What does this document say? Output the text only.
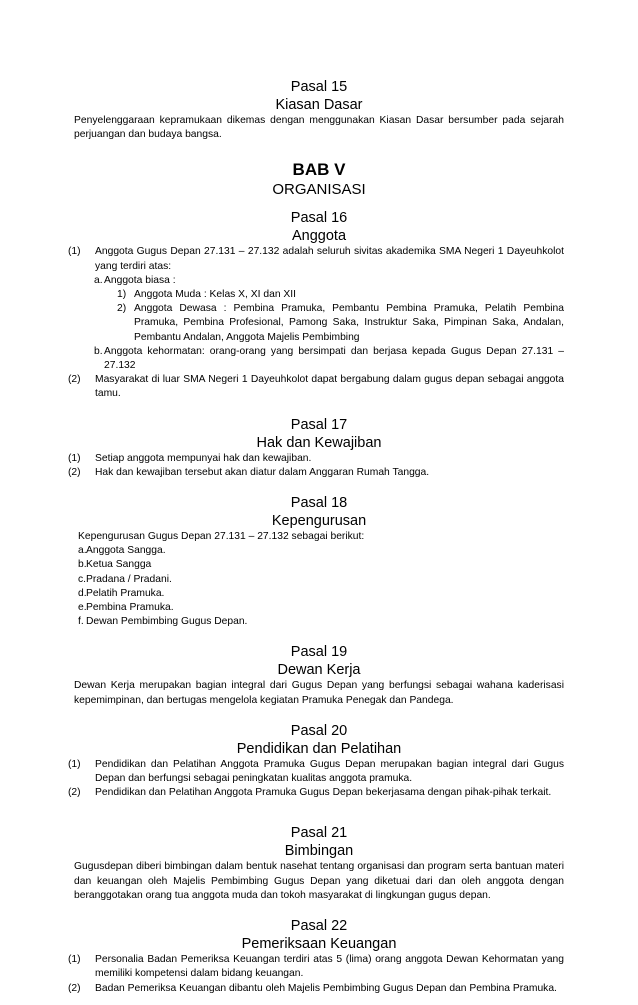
Pasal 15
Kiasan Dasar
Penyelenggaraan kepramukaan dikemas dengan menggunakan Kiasan Dasar bersumber pada sejarah perjuangan dan budaya bangsa.
BAB V
ORGANISASI
Pasal 16
Anggota
(1) Anggota Gugus Depan 27.131 – 27.132 adalah seluruh sivitas akademika SMA Negeri 1 Dayeuhkolot yang terdiri atas:
a. Anggota biasa :
1) Anggota Muda : Kelas X, XI dan XII
2) Anggota Dewasa : Pembina Pramuka, Pembantu Pembina Pramuka, Pelatih Pembina Pramuka, Pembina Profesional, Pamong Saka, Instruktur Saka, Pimpinan Saka, Andalan, Pembantu Andalan, Anggota Majelis Pembimbing
b. Anggota kehormatan: orang-orang yang bersimpati dan berjasa kepada Gugus Depan 27.131 – 27.132
(2) Masyarakat di luar SMA Negeri 1 Dayeuhkolot dapat bergabung dalam gugus depan sebagai anggota tamu.
Pasal 17
Hak dan Kewajiban
(1) Setiap anggota mempunyai hak dan kewajiban.
(2) Hak dan kewajiban tersebut akan diatur dalam Anggaran Rumah Tangga.
Pasal 18
Kepengurusan
Kepengurusan Gugus Depan 27.131 – 27.132 sebagai berikut:
a. Anggota Sangga.
b. Ketua Sangga
c. Pradana / Pradani.
d. Pelatih Pramuka.
e. Pembina Pramuka.
f. Dewan Pembimbing Gugus Depan.
Pasal 19
Dewan Kerja
Dewan Kerja merupakan bagian integral dari Gugus Depan yang berfungsi sebagai wahana kaderisasi kepemimpinan, dan bertugas mengelola kegiatan Pramuka Penegak dan Pandega.
Pasal 20
Pendidikan dan Pelatihan
(1) Pendidikan dan Pelatihan Anggota Pramuka Gugus Depan merupakan bagian integral dari Gugus Depan dan berfungsi sebagai peningkatan kualitas anggota pramuka.
(2) Pendidikan dan Pelatihan Anggota Pramuka Gugus Depan bekerjasama dengan pihak-pihak terkait.
Pasal 21
Bimbingan
Gugusdepan diberi bimbingan dalam bentuk nasehat tentang organisasi dan program serta bantuan materi dan keuangan oleh Majelis Pembimbing Gugus Depan yang diketuai dari dan oleh anggota dengan beranggotakan orang tua anggota muda dan tokoh masyarakat di lingkungan gugus depan.
Pasal 22
Pemeriksaan Keuangan
(1) Personalia Badan Pemeriksa Keuangan terdiri atas 5 (lima) orang anggota Dewan Kehormatan yang memiliki kompetensi dalam bidang keuangan.
(2) Badan Pemeriksa Keuangan dibantu oleh Majelis Pembimbing Gugus Depan dan Pembina Pramuka.
